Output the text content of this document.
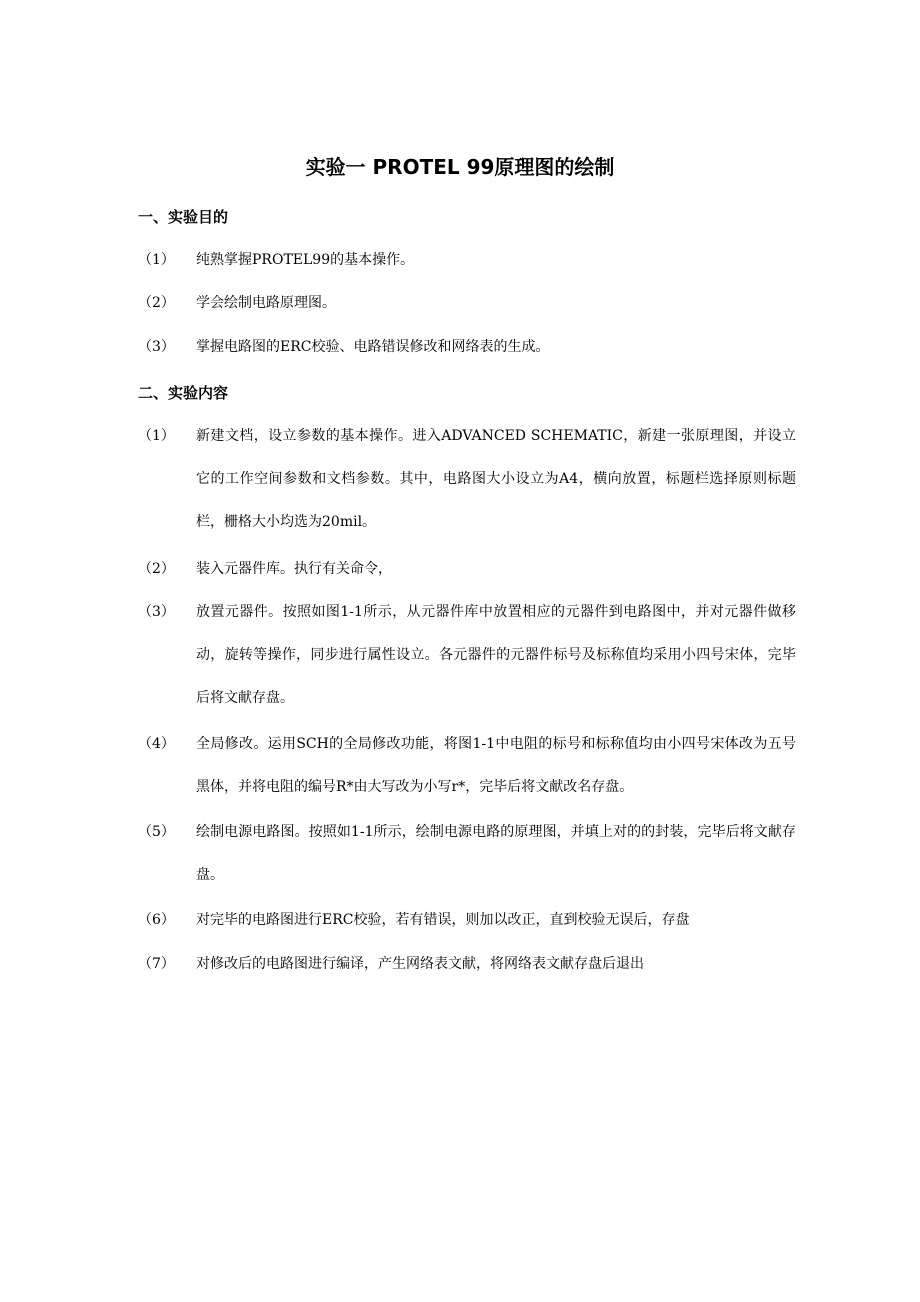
实验一 PROTEL 99原理图的绘制
一、实验目的
（1）	纯熟掌握PROTEL99的基本操作。
（2）	学会绘制电路原理图。
（3）	掌握电路图的ERC校验、电路错误修改和网络表的生成。
二、实验内容
（1）	新建文档，设立参数的基本操作。进入ADVANCED SCHEMATIC，新建一张原理图，并设立它的工作空间参数和文档参数。其中，电路图大小设立为A4，横向放置，标题栏选择原则标题栏，栅格大小均选为20mil。
（2）	装入元器件库。执行有关命令，
（3）	放置元器件。按照如图1-1所示，从元器件库中放置相应的元器件到电路图中，并对元器件做移动，旋转等操作，同步进行属性设立。各元器件的元器件标号及标称值均采用小四号宋体，完毕后将文献存盘。
（4）	全局修改。运用SCH的全局修改功能，将图1-1中电阻的标号和标称值均由小四号宋体改为五号黑体，并将电阻的编号R*由大写改为小写r*，完毕后将文献改名存盘。
（5）	绘制电源电路图。按照如1-1所示，绘制电源电路的原理图，并填上对的的封装，完毕后将文献存盘。
（6）	对完毕的电路图进行ERC校验，若有错误，则加以改正，直到校验无误后，存盘
（7）	对修改后的电路图进行编译，产生网络表文献，将网络表文献存盘后退出
